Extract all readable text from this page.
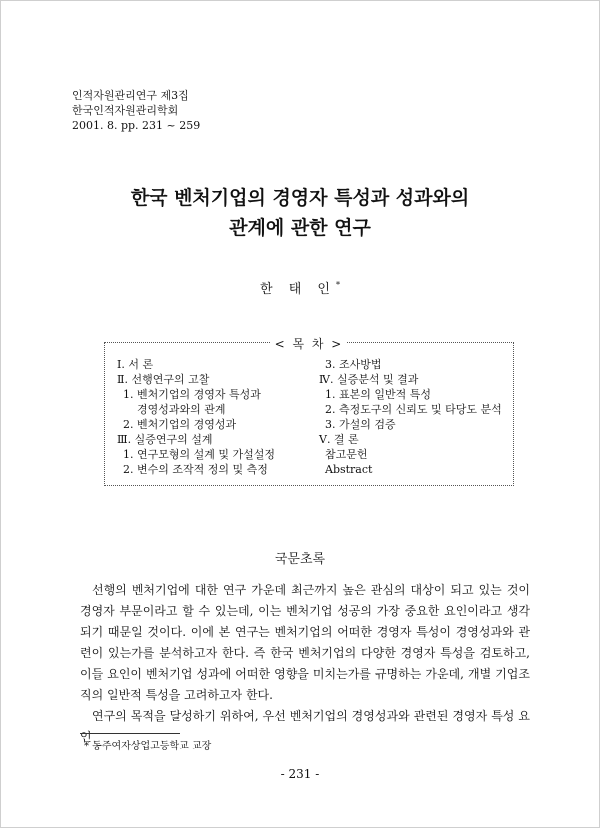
인적자원관리연구 제3집
한국인적자원관리학회
2001. 8. pp. 231 ~ 259
한국 벤처기업의 경영자 특성과 성과와의
관계에 관한 연구
한 태 인*
< 목 차 >
Ⅰ. 서 론
Ⅱ. 선행연구의 고찰
1. 벤처기업의 경영자 특성과
경영성과와의 관계
2. 벤처기업의 경영성과
Ⅲ. 실증연구의 설계
1. 연구모형의 설계 및 가설설정
2. 변수의 조작적 정의 및 측정
3. 조사방법
Ⅳ. 실증분석 및 결과
1. 표본의 일반적 특성
2. 측정도구의 신뢰도 및 타당도 분석
3. 가설의 검증
Ⅴ. 결 론
참고문헌
Abstract
국문초록

선행의 벤처기업에 대한 연구 가운데 최근까지 높은 관심의 대상이 되고 있는 것이 경영자 부문이라고 할 수 있는데, 이는 벤처기업 성공의 가장 중요한 요인이라고 생각되기 때문일 것이다. 이에 본 연구는 벤처기업의 어떠한 경영자 특성이 경영성과와 관련이 있는가를 분석하고자 한다. 즉 한국 벤처기업의 다양한 경영자 특성을 검토하고, 이들 요인이 벤처기업 성과에 어떠한 영향을 미치는가를 규명하는 가운데, 개별 기업조직의 일반적 특성을 고려하고자 한다.

연구의 목적을 달성하기 위하여, 우선 벤처기업의 경영성과와 관련된 경영자 특성 요인

* 동주여자상업고등학교 교장
- 231 -
